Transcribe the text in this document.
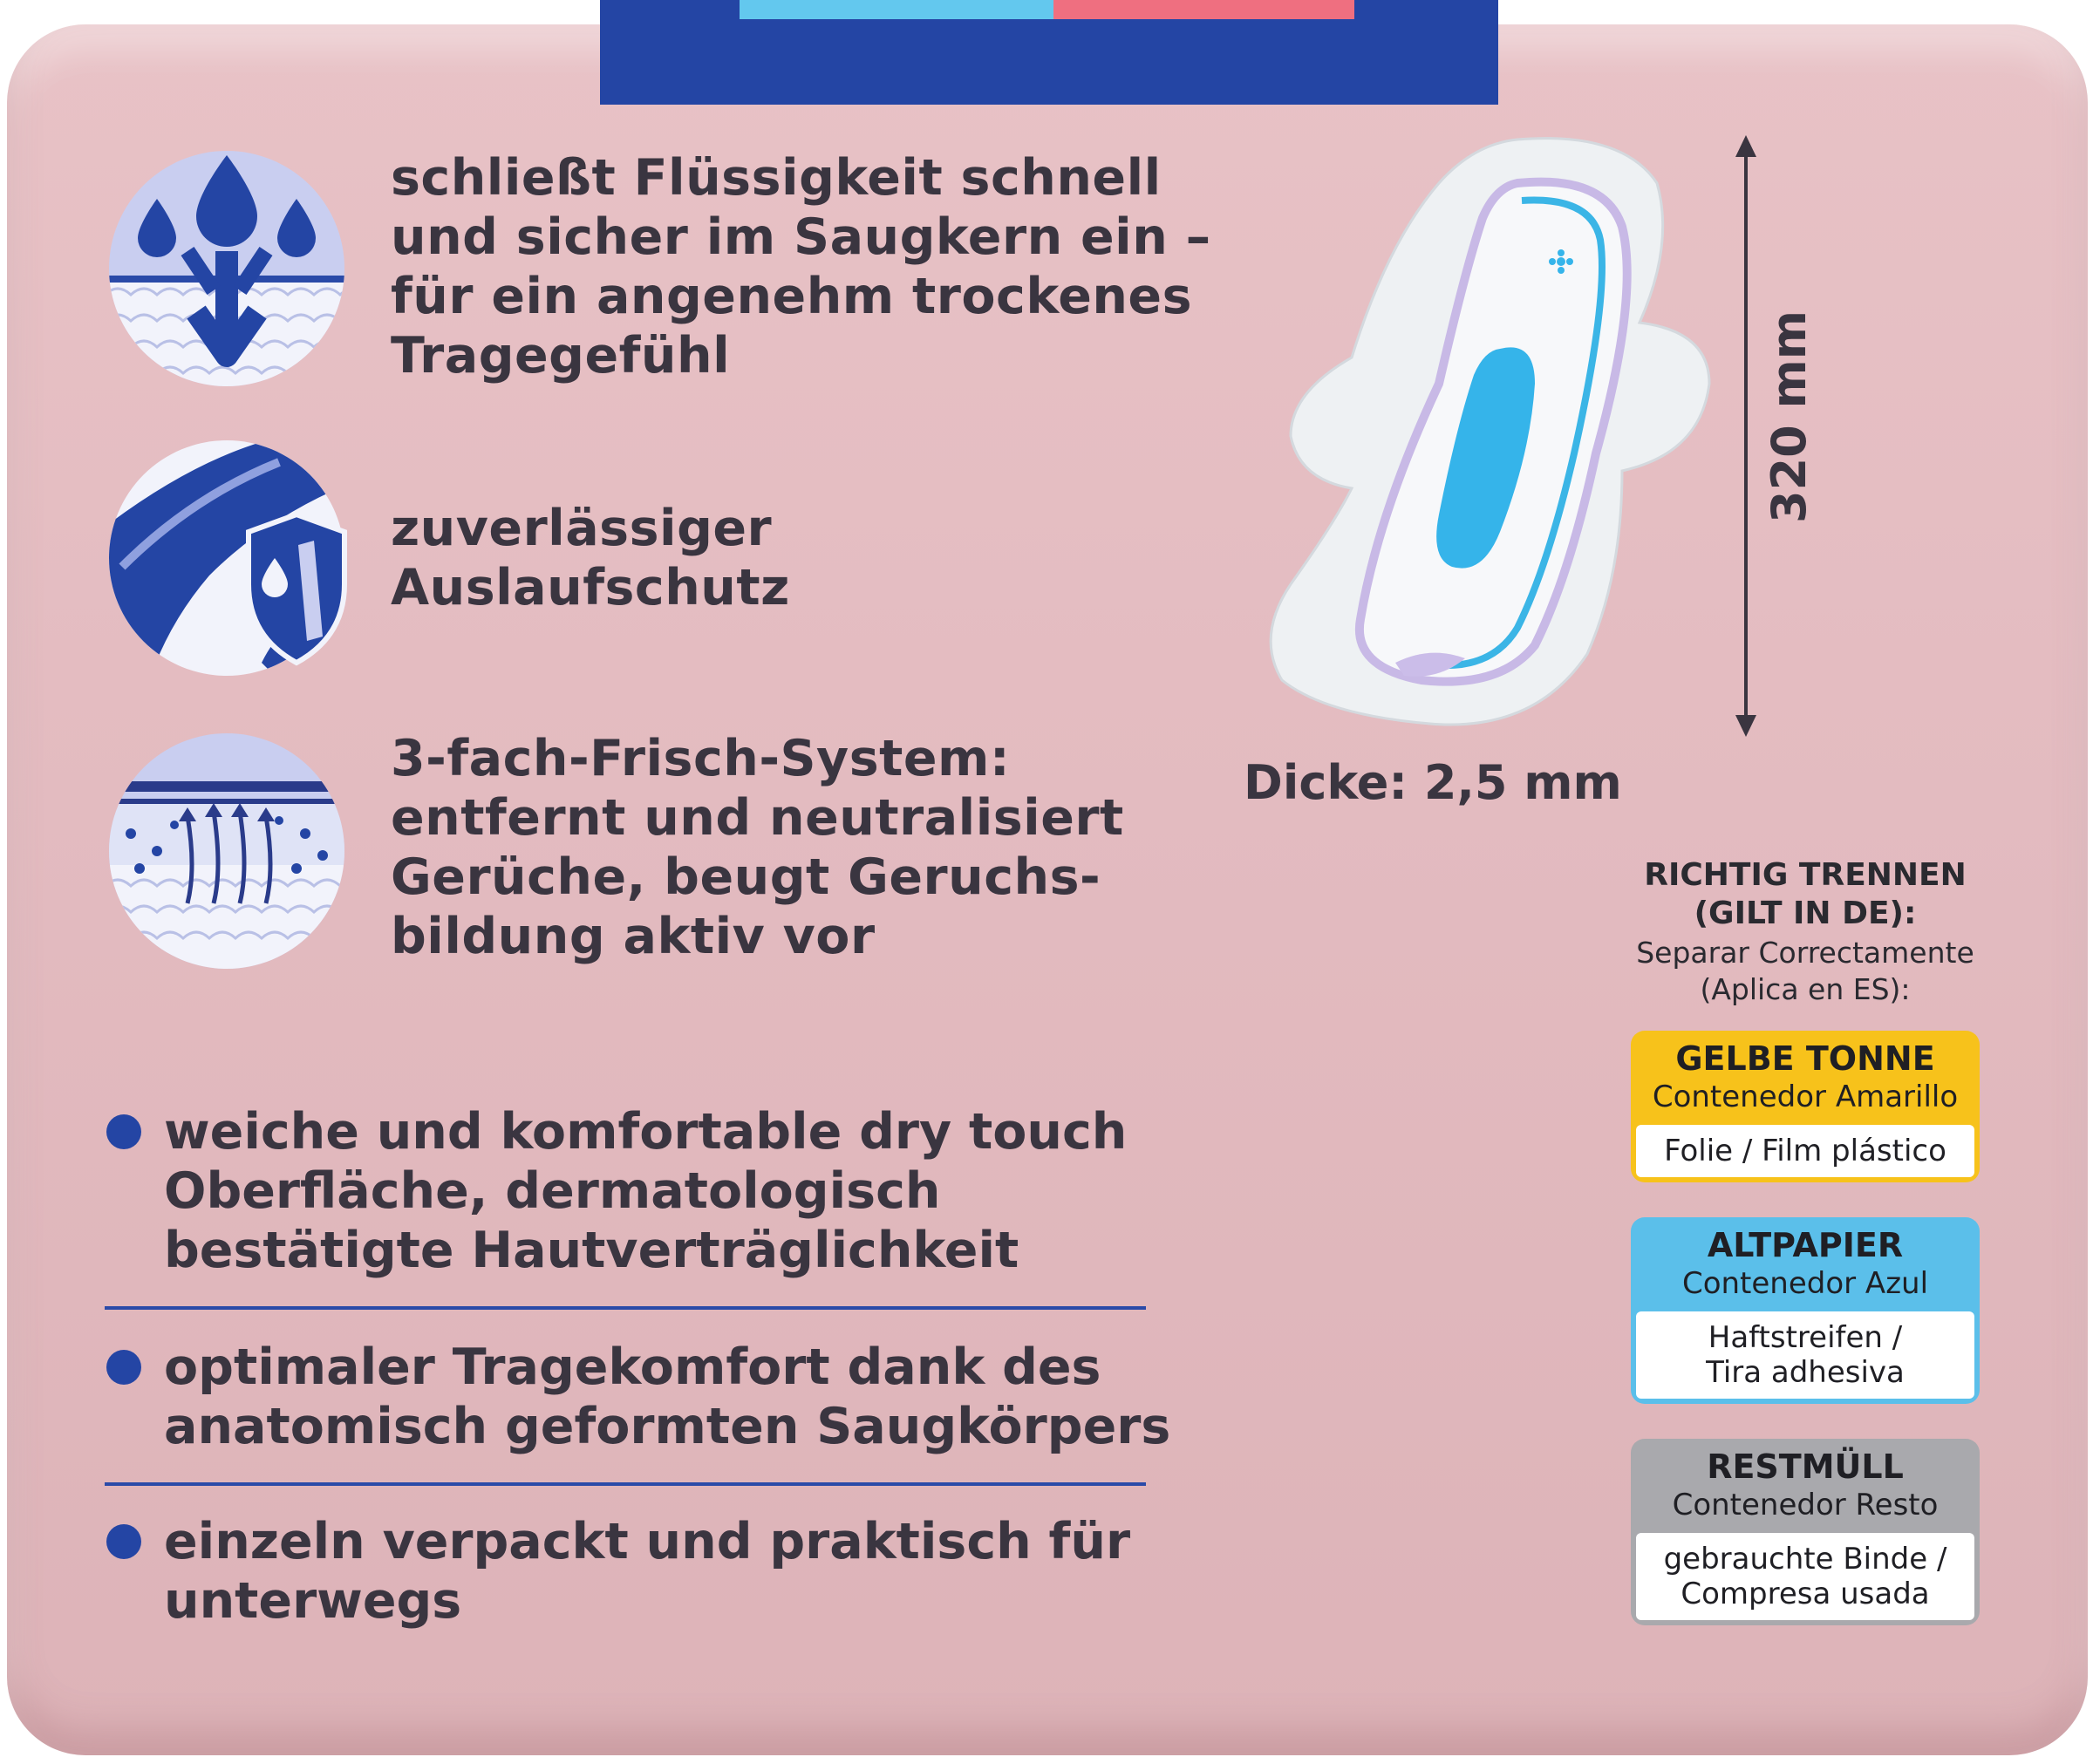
schließt Flüssigkeit schnell
und sicher im Saugkern ein –
für ein angenehm trockenes
Tragegefühl
zuverlässiger
Auslaufschutz
3-fach-Frisch-System:
entfernt und neutralisiert
Gerüche, beugt Geruchs-
bildung aktiv vor
weiche und komfortable dry touch
Oberfläche, dermatologisch
bestätigte Hautverträglichkeit
optimaler Tragekomfort dank des
anatomisch geformten Saugkörpers
einzeln verpackt und praktisch für
unterwegs
320 mm
Dicke: 2,5 mm
RICHTIG TRENNEN
(GILT IN DE):
Separar Correctamente
(Aplica en ES):
GELBE TONNE
Contenedor Amarillo
Folie / Film plástico
ALTPAPIER
Contenedor Azul
Haftstreifen /
Tira adhesiva
RESTMÜLL
Contenedor Resto
gebrauchte Binde /
Compresa usada
